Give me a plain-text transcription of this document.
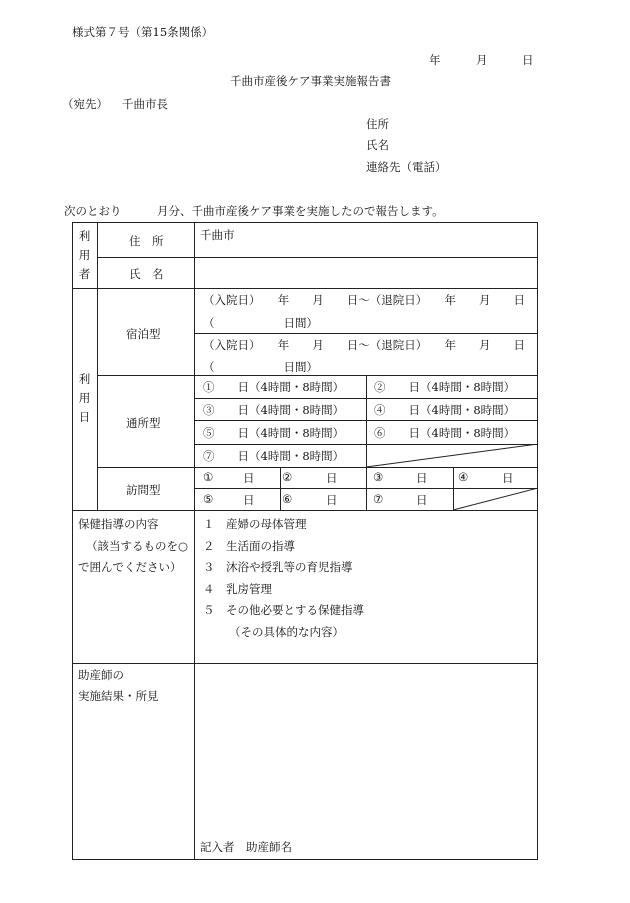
様式第７号（第15条関係）
年	月	日
千曲市産後ケア事業実施報告書
（宛先） 千曲市長
住所
氏名
連絡先（電話）
次のとおり	月分、千曲市産後ケア事業を実施したので報告します。
利
用
者
住　所	千曲市
氏　名
利
用
日
宿泊型
（入院日）　　年　　月　　日～（退院日）　　年　　月　　日
（　　　　　　日間）
（入院日）　　年　　月　　日～（退院日）　　年　　月　　日
（　　　　　　日間）
通所型
①　　日（4時間・8時間）	②　　日（4時間・8時間）
③　　日（4時間・8時間）	④　　日（4時間・8時間）
⑤　　日（4時間・8時間）	⑥　　日（4時間・8時間）
⑦　　日（4時間・8時間）
訪問型
①	日 ②	日	③	日	④	日
⑤	日 ⑥	日	⑦	日
保健指導の内容
（該当するものを○
で囲んでください）
１　産婦の母体管理
２　生活面の指導
３　沐浴や授乳等の育児指導
４　乳房管理
５　その他必要とする保健指導
（その具体的な内容）
助産師の
実施結果・所見
記入者　助産師名
